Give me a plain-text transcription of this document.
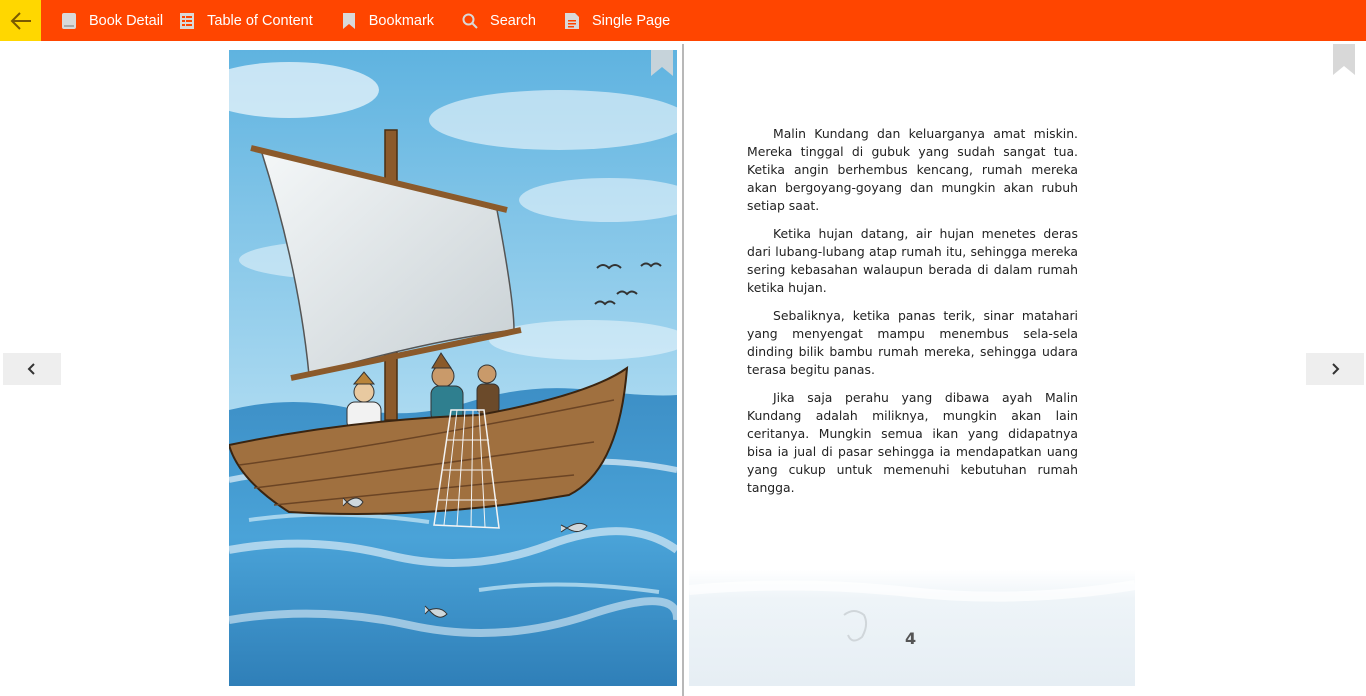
Book Detail	Table of Content	Bookmark	Search	Single Page

Malin Kundang dan keluarganya amat miskin. Mereka tinggal di gubuk yang sudah sangat tua. Ketika angin berhembus kencang, rumah mereka akan bergoyang-goyang dan mungkin akan rubuh setiap saat.

Ketika hujan datang, air hujan menetes deras dari lubang-lubang atap rumah itu, sehingga mereka sering kebasahan walaupun berada di dalam rumah ketika hujan.

Sebaliknya, ketika panas terik, sinar matahari yang menyengat mampu menembus sela-sela dinding bilik bambu rumah mereka, sehingga udara terasa begitu panas.

Jika saja perahu yang dibawa ayah Malin Kundang adalah miliknya, mungkin akan lain ceritanya. Mungkin semua ikan yang didapatnya bisa ia jual di pasar sehingga ia mendapatkan uang yang cukup untuk memenuhi kebutuhan rumah tangga.

4
